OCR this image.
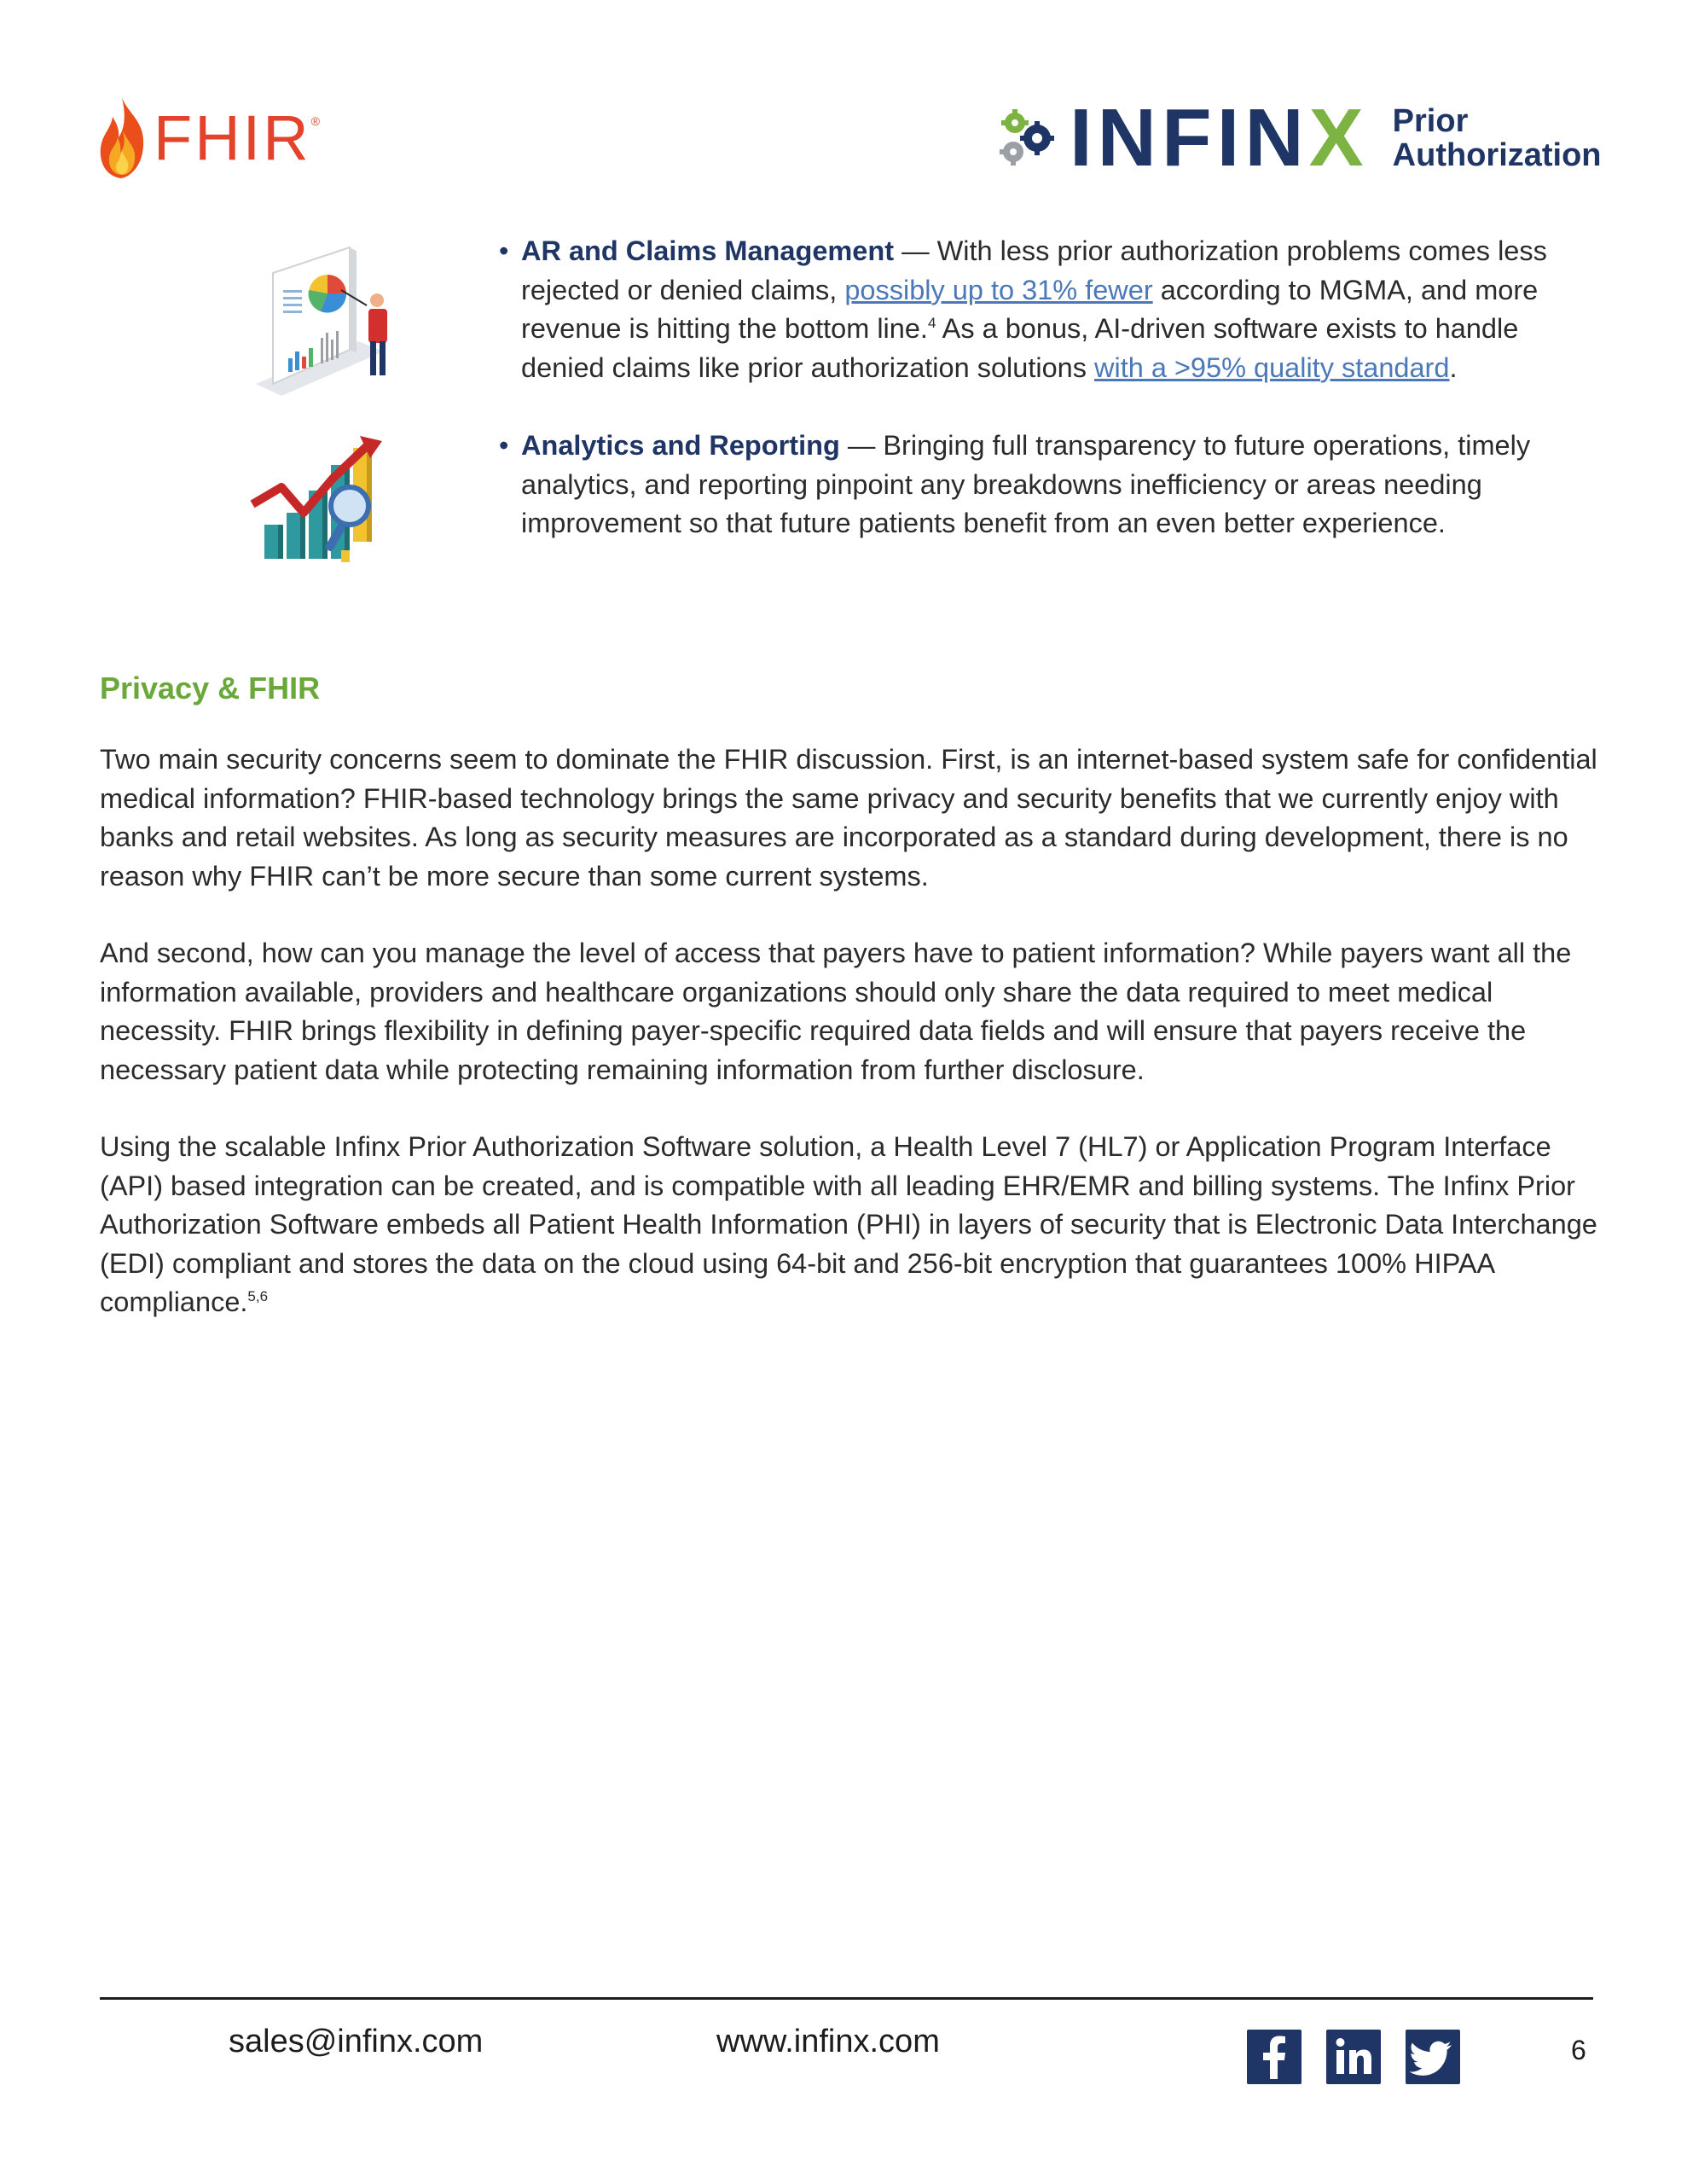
FHIR ®	INFINX Prior
Authorization
• AR and Claims Management — With less prior authorization problems comes less
rejected or denied claims, possibly up to 31% fewer according to MGMA, and more
revenue is hitting the bottom line.$^4$ As a bonus, AI-driven software exists to handle
denied claims like prior authorization solutions with a >95% quality standard.
• Analytics and Reporting — Bringing full transparency to future operations, timely
analytics, and reporting pinpoint any breakdowns inefficiency or areas needing
improvement so that future patients benefit from an even better experience.
Privacy & FHIR
Two main security concerns seem to dominate the FHIR discussion. First, is an internet-based system safe for confidential medical information? FHIR-based technology brings the same privacy and security benefits that we currently enjoy with banks and retail websites. As long as security measures are incorporated as a standard during development, there is no reason why FHIR can’t be more secure than some current systems.
And second, how can you manage the level of access that payers have to patient information? While payers want all the information available, providers and healthcare organizations should only share the data required to meet medical necessity. FHIR brings flexibility in defining payer-specific required data fields and will ensure that payers receive the necessary patient data while protecting remaining information from further disclosure.
Using the scalable Infinx Prior Authorization Software solution, a Health Level 7 (HL7) or Application Program Interface (API) based integration can be created, and is compatible with all leading EHR/EMR and billing systems. The Infinx Prior Authorization Software embeds all Patient Health Information (PHI) in layers of security that is Electronic Data Interchange (EDI) compliant and stores the data on the cloud using 64-bit and 256-bit encryption that guarantees 100% HIPAA compliance.$^{5,6}$
sales@infinx.com	www.infinx.com	6
